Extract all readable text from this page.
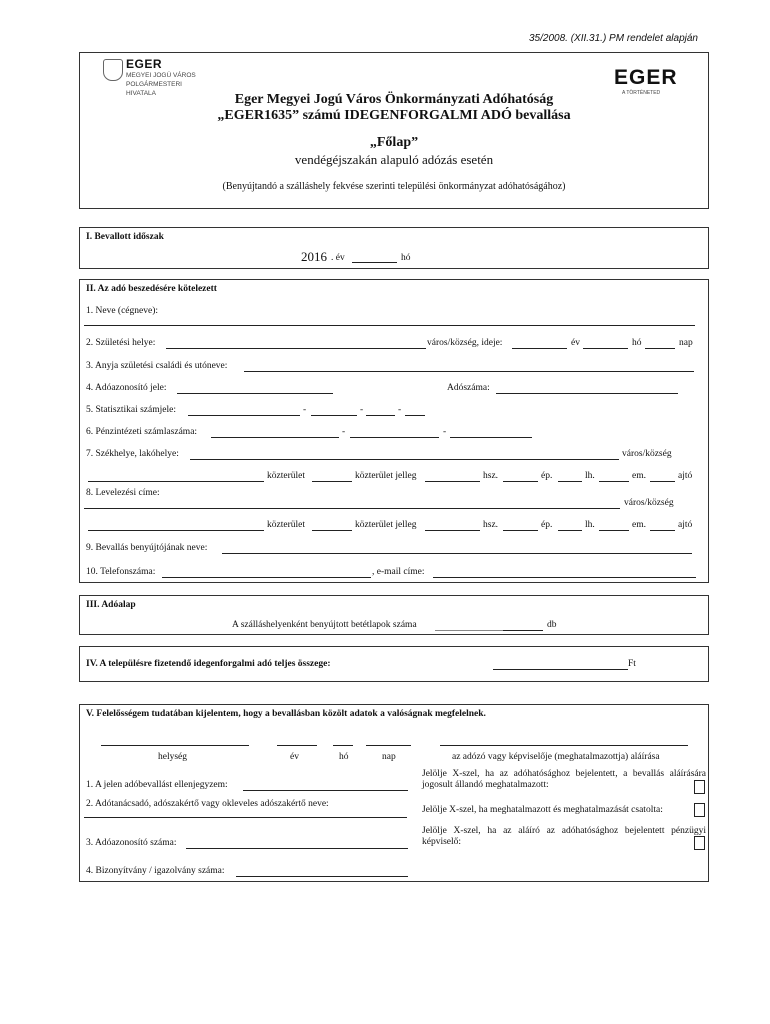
35/2008. (XII.31.) PM rendelet alapján
EGER
MEGYEI JOGÚ VÁROS
POLGÁRMESTERI
HIVATALA
EGER
A TÖRTÉNETED
Eger Megyei Jogú Város Önkormányzati Adóhatóság
„EGER1635” számú IDEGENFORGALMI ADÓ bevallása
„Főlap”
vendégéjszakán alapuló adózás esetén
(Benyújtandó a szálláshely fekvése szerinti települési önkormányzat adóhatóságához)
I. Bevallott időszak
2016 . év	hó
II. Az adó beszedésére kötelezett
1. Neve (cégneve):
2. Születési helye:	város/község, ideje:	év	hó	nap
3. Anyja születési családi és utóneve:
4. Adóazonosító jele:	Adószáma:
5. Statisztikai számjele:	-	-	-
6. Pénzintézeti számlaszáma:	-	-
7. Székhelye, lakóhelye:	város/község
közterület	közterület jelleg	hsz.	ép.	lh.	em.	ajtó
8. Levelezési címe:
város/község
közterület	közterület jelleg	hsz.	ép.	lh.	em.	ajtó
9. Bevallás benyújtójának neve:
10. Telefonszáma:	, e-mail címe:
III. Adóalap
A szálláshelyenként benyújtott betétlapok száma	db
IV. A településre fizetendő idegenforgalmi adó teljes összege:	Ft
V. Felelősségem tudatában kijelentem, hogy a bevallásban közölt adatok a valóságnak megfelelnek.
helység	év	hó	nap	az adózó vagy képviselője (meghatalmazottja) aláírása
1. A jelen adóbevallást ellenjegyzem:
2. Adótanácsadó, adószakértő vagy okleveles adószakértő neve:
3. Adóazonosító száma:
4. Bizonyítvány / igazolvány száma:
Jelölje X-szel, ha az adóhatósághoz bejelentett, a bevallás aláírására jogosult állandó meghatalmazott:
Jelölje X-szel, ha meghatalmazott és meghatalmazását csatolta:
Jelölje X-szel, ha az aláíró az adóhatósághoz bejelentett pénzügyi képviselő:
